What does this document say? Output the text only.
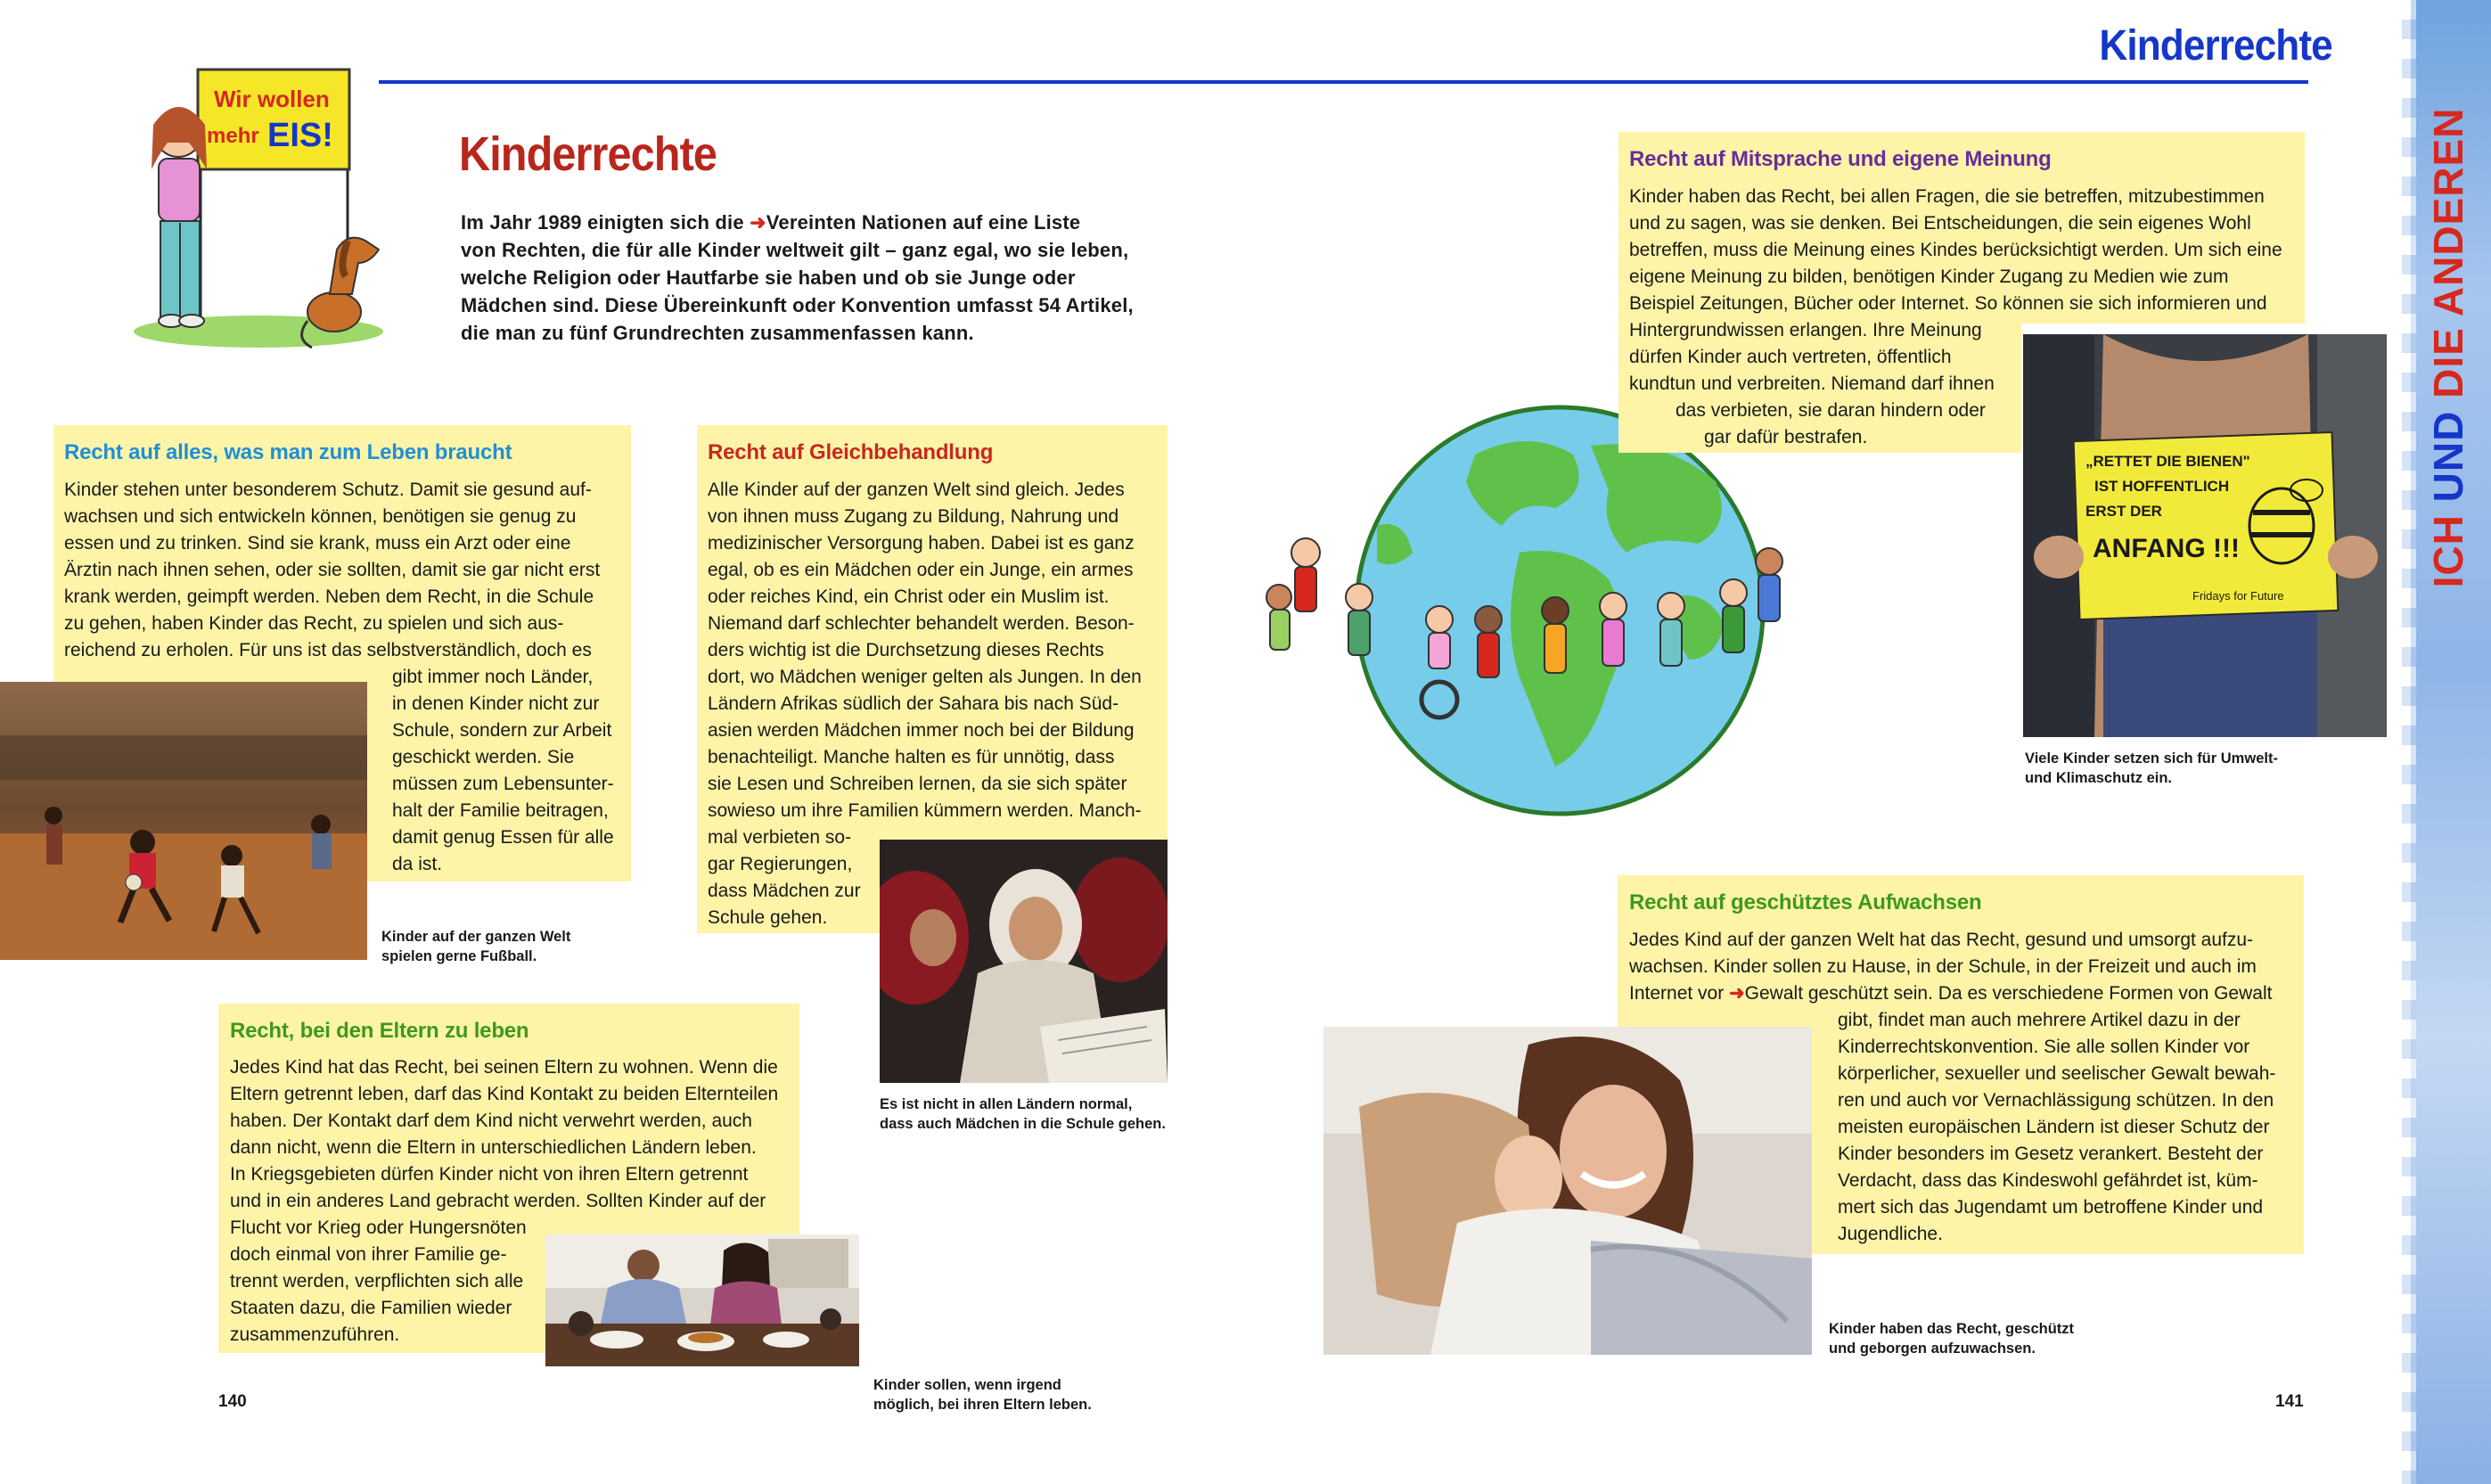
Kinderrechte
ICH UND DIE ANDEREN
Wir wollen
mehr EIS!	Kinderrechte
Im Jahr 1989 einigten sich die ➜Vereinten Nationen auf eine Liste
von Rechten, die für alle Kinder weltweit gilt – ganz egal, wo sie leben,
welche Religion oder Hautfarbe sie haben und ob sie Junge oder
Mädchen sind. Diese Übereinkunft oder Konvention umfasst 54 Artikel,
die man zu fünf Grundrechten zusammenfassen kann.
Recht auf alles, was man zum Leben braucht
Kinder stehen unter besonderem Schutz. Damit sie gesund auf-
wachsen und sich entwickeln können, benötigen sie genug zu
essen und zu trinken. Sind sie krank, muss ein Arzt oder eine
Ärztin nach ihnen sehen, oder sie sollten, damit sie gar nicht erst
krank werden, geimpft werden. Neben dem Recht, in die Schule
zu gehen, haben Kinder das Recht, zu spielen und sich aus-
reichend zu erholen. Für uns ist das selbstverständlich, doch es
gibt immer noch Länder,
in denen Kinder nicht zur
Schule, sondern zur Arbeit
geschickt werden. Sie
müssen zum Lebensunter-
halt der Familie beitragen,
damit genug Essen für alle
da ist.
Kinder auf der ganzen Welt
spielen gerne Fußball.
Recht auf Gleichbehandlung
Alle Kinder auf der ganzen Welt sind gleich. Jedes
von ihnen muss Zugang zu Bildung, Nahrung und
medizinischer Versorgung haben. Dabei ist es ganz
egal, ob es ein Mädchen oder ein Junge, ein armes
oder reiches Kind, ein Christ oder ein Muslim ist.
Niemand darf schlechter behandelt werden. Beson-
ders wichtig ist die Durchsetzung dieses Rechts
dort, wo Mädchen weniger gelten als Jungen. In den
Ländern Afrikas südlich der Sahara bis nach Süd-
asien werden Mädchen immer noch bei der Bildung
benachteiligt. Manche halten es für unnötig, dass
sie Lesen und Schreiben lernen, da sie sich später
sowieso um ihre Familien kümmern werden. Manch-
mal verbieten so-
gar Regierungen,
dass Mädchen zur
Schule gehen.
Es ist nicht in allen Ländern normal,
dass auch Mädchen in die Schule gehen.
Recht, bei den Eltern zu leben
Jedes Kind hat das Recht, bei seinen Eltern zu wohnen. Wenn die
Eltern getrennt leben, darf das Kind Kontakt zu beiden Elternteilen
haben. Der Kontakt darf dem Kind nicht verwehrt werden, auch
dann nicht, wenn die Eltern in unterschiedlichen Ländern leben.
In Kriegsgebieten dürfen Kinder nicht von ihren Eltern getrennt
und in ein anderes Land gebracht werden. Sollten Kinder auf der
Flucht vor Krieg oder Hungersnöten
doch einmal von ihrer Familie ge-
trennt werden, verpflichten sich alle
Staaten dazu, die Familien wieder
zusammenzuführen.
Kinder sollen, wenn irgend
möglich, bei ihren Eltern leben.
Recht auf Mitsprache und eigene Meinung
Kinder haben das Recht, bei allen Fragen, die sie betreffen, mitzubestimmen
und zu sagen, was sie denken. Bei Entscheidungen, die sein eigenes Wohl
betreffen, muss die Meinung eines Kindes berücksichtigt werden. Um sich eine
eigene Meinung zu bilden, benötigen Kinder Zugang zu Medien wie zum
Beispiel Zeitungen, Bücher oder Internet. So können sie sich informieren und
Hintergrundwissen erlangen. Ihre Meinung
dürfen Kinder auch vertreten, öffentlich
kundtun und verbreiten. Niemand darf ihnen
das verbieten, sie daran hindern oder
gar dafür bestrafen.
„RETTET DIE BIENEN"
IST HOFFENTLICH
ERST DER
ANFANG !!!
Fridays for Future
Viele Kinder setzen sich für Umwelt-
und Klimaschutz ein.
Recht auf geschütztes Aufwachsen
Jedes Kind auf der ganzen Welt hat das Recht, gesund und umsorgt aufzu-
wachsen. Kinder sollen zu Hause, in der Schule, in der Freizeit und auch im
Internet vor ➜Gewalt geschützt sein. Da es verschiedene Formen von Gewalt
gibt, findet man auch mehrere Artikel dazu in der
Kinderrechtskonvention. Sie alle sollen Kinder vor
körperlicher, sexueller und seelischer Gewalt bewah-
ren und auch vor Vernachlässigung schützen. In den
meisten europäischen Ländern ist dieser Schutz der
Kinder besonders im Gesetz verankert. Besteht der
Verdacht, dass das Kindeswohl gefährdet ist, küm-
mert sich das Jugendamt um betroffene Kinder und
Jugendliche.
Kinder haben das Recht, geschützt
und geborgen aufzuwachsen.
140	141
